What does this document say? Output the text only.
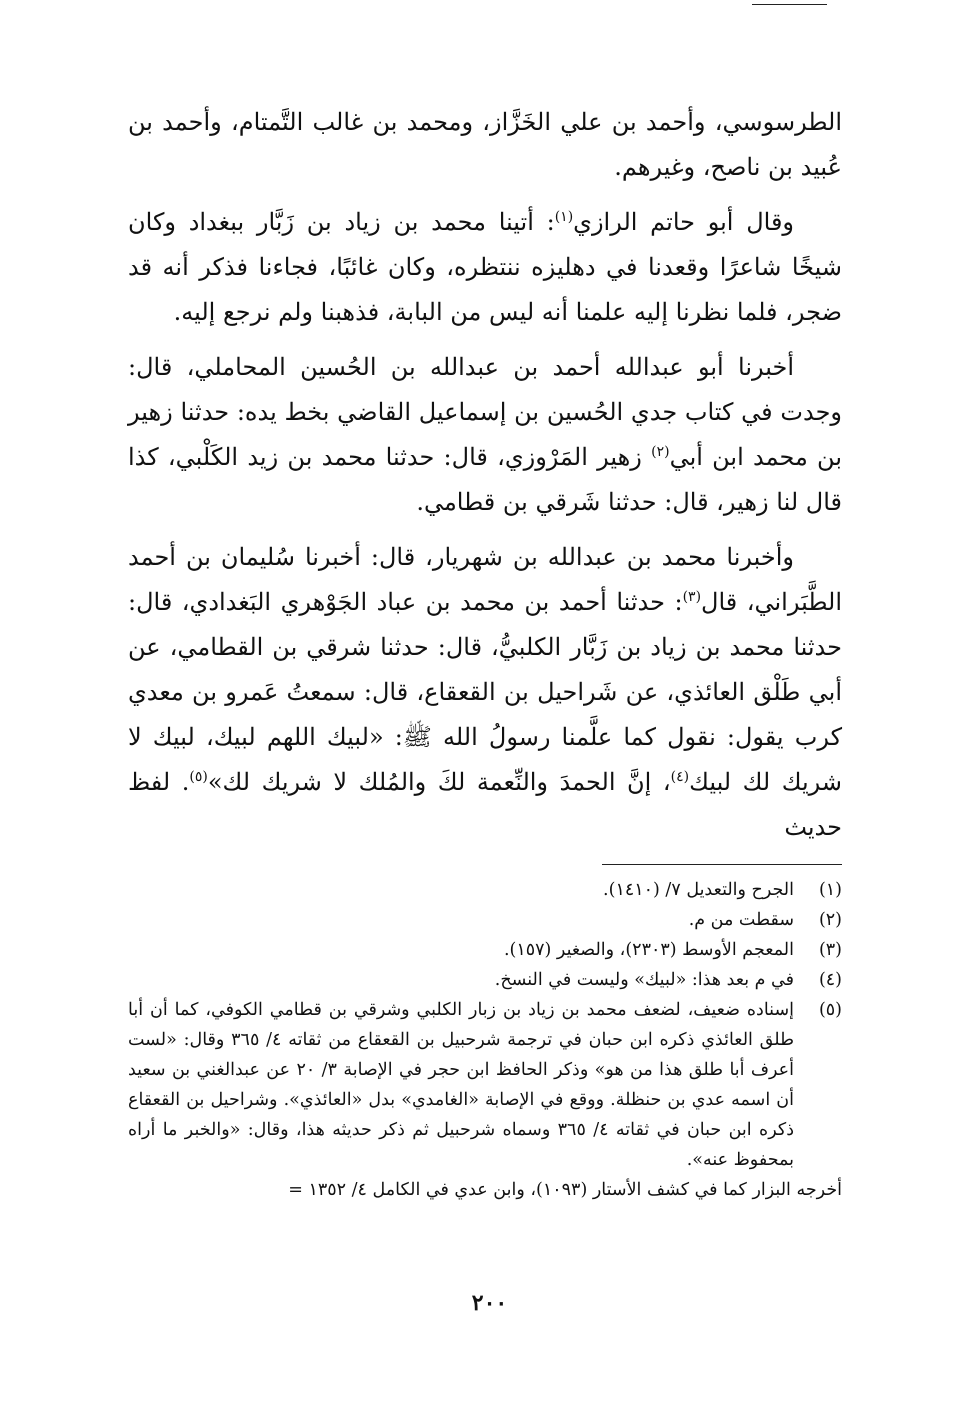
الطرسوسي، وأحمد بن علي الخَزَّاز، ومحمد بن غالب التَّمتام، وأحمد بن عُبيد بن ناصح، وغيرهم.

وقال أبو حاتم الرازي$^{(١)}$: أتينا محمد بن زياد بن زَبَّار ببغداد وكان شيخًا شاعرًا وقعدنا في دهليزه ننتظره، وكان غائبًا، فجاءنا فذكر أنه قد ضجر، فلما نظرنا إليه علمنا أنه ليس من البابة، فذهبنا ولم نرجع إليه.

أخبرنا أبو عبدالله أحمد بن عبدالله بن الحُسين المحاملي، قال: وجدت في كتاب جدي الحُسين بن إسماعيل القاضي بخط يده: حدثنا زهير بن محمد ابن أبي$^{(٢)}$ زهير المَرْوزي، قال: حدثنا محمد بن زيد الكَلْبي، كذا قال لنا زهير، قال: حدثنا شَرقي بن قطامي.

وأخبرنا محمد بن عبدالله بن شهريار، قال: أخبرنا سُليمان بن أحمد الطَّبَراني، قال$^{(٣)}$: حدثنا أحمد بن محمد بن عباد الجَوْهري البَغدادي، قال: حدثنا محمد بن زياد بن زَبَّار الكلبيُّ، قال: حدثنا شرقي بن القطامي، عن أبي طَلْق العائذي، عن شَراحيل بن القعقاع، قال: سمعتُ عَمرو بن معدي كرب يقول: نقول كما علَّمنا رسولُ الله ﷺ: «لبيك اللهم لبيك، لبيك لا شريك لك لبيك$^{(٤)}$، إنَّ الحمدَ والنِّعمة لكَ والمُلك لا شريك لك»$^{(٥)}$. لفظ حديث

(١)
الجرح والتعديل ٧/ (١٤١٠).
(٢)
سقطت من م.
(٣)
المعجم الأوسط (٢٣٠٣)، والصغير (١٥٧).
(٤)
في م بعد هذا: «لبيك» وليست في النسخ.
(٥)
إسناده ضعيف، لضعف محمد بن زياد بن زبار الكلبي وشرقي بن قطامي الكوفي، كما أن أبا طلق العائذي ذكره ابن حبان في ترجمة شرحبيل بن القعقاع من ثقاته ٤/ ٣٦٥ وقال: «لست أعرف أبا طلق هذا من هو» وذكر الحافظ ابن حجر في الإصابة ٣/ ٢٠ عن عبدالغني بن سعيد أن اسمه عدي بن حنظلة. ووقع في الإصابة «الغامدي» بدل «العائذي». وشراحيل بن القعقاع ذكره ابن حبان في ثقاته ٤/ ٣٦٥ وسماه شرحبيل ثم ذكر حديثه هذا، وقال: «والخبر ما أراه بمحفوظ عنه».

أخرجه البزار كما في كشف الأستار (١٠٩٣)، وابن عدي في الكامل ٤/ ١٣٥٢ =

٢٠٠
